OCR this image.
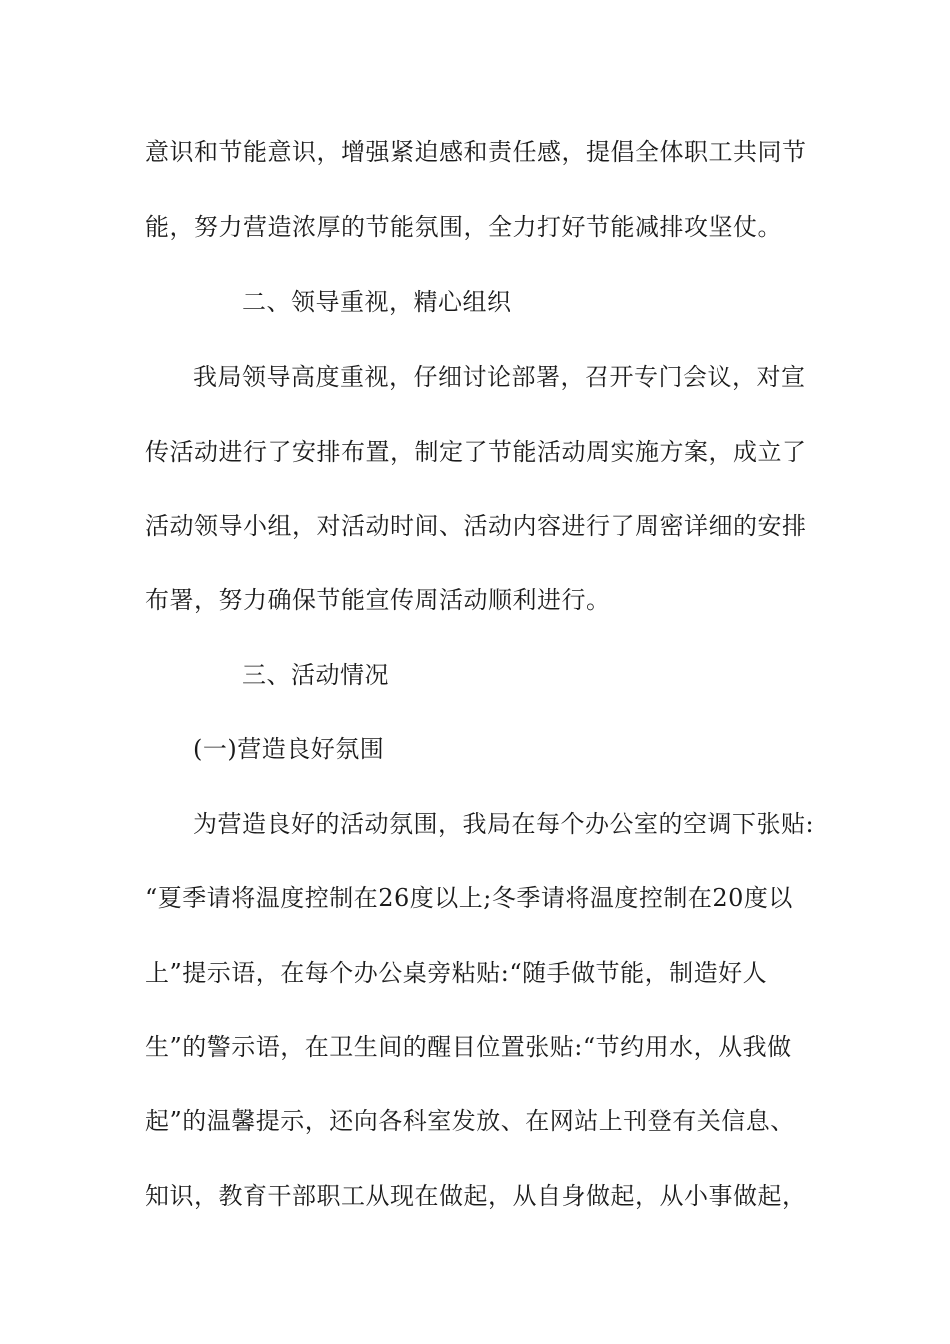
意识和节能意识，增强紧迫感和责任感，提倡全体职工共同节
能，努力营造浓厚的节能氛围，全力打好节能减排攻坚仗。
二、领导重视，精心组织
我局领导高度重视，仔细讨论部署，召开专门会议，对宣
传活动进行了安排布置，制定了节能活动周实施方案，成立了
活动领导小组，对活动时间、活动内容进行了周密详细的安排
布署，努力确保节能宣传周活动顺利进行。
三、活动情况
(一)营造良好氛围
为营造良好的活动氛围，我局在每个办公室的空调下张贴:
“夏季请将温度控制在26度以上;冬季请将温度控制在20度以
上”提示语，在每个办公桌旁粘贴:“随手做节能，制造好人
生”的警示语，在卫生间的醒目位置张贴:“节约用水，从我做
起”的温馨提示，还向各科室发放、在网站上刊登有关信息、
知识，教育干部职工从现在做起，从自身做起，从小事做起，
